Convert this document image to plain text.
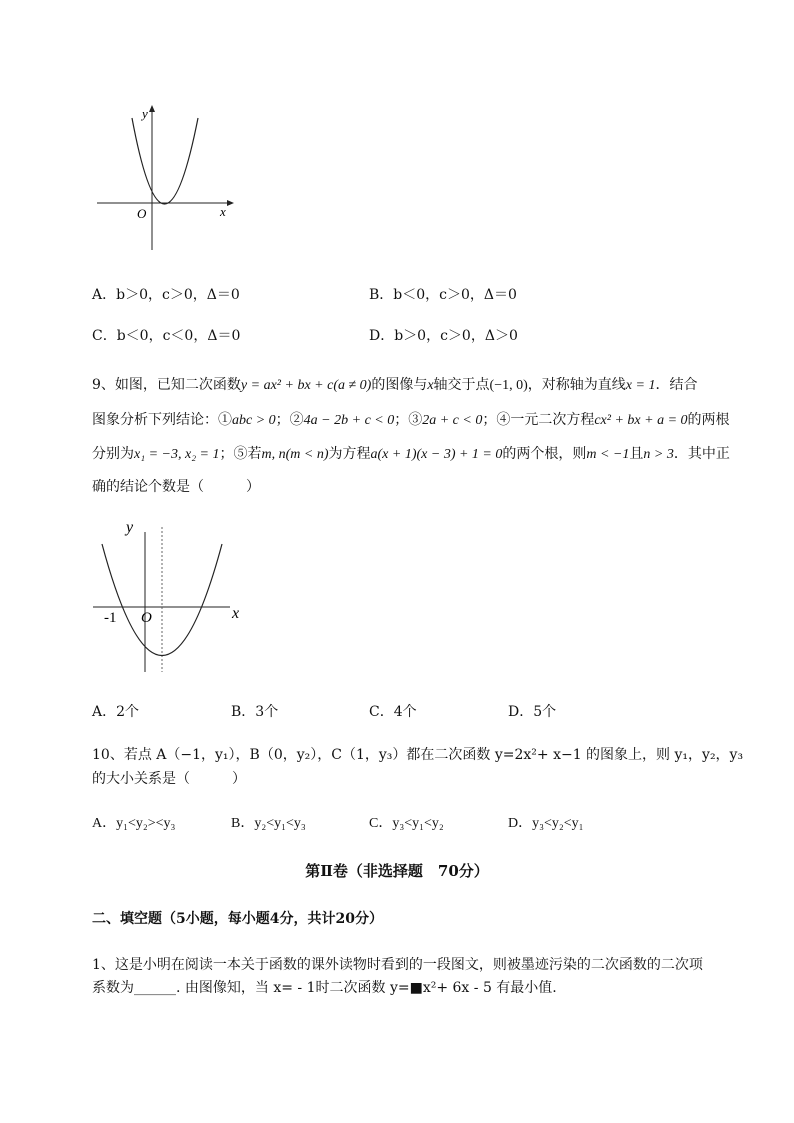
y
x
O
A．b＞0，c＞0，Δ＝0	B．b＜0，c＞0，Δ＝0
C．b＜0，c＜0，Δ＝0	D．b＞0，c＞0，Δ＞0
9、如图，已知二次函数y = ax² + bx + c(a ≠ 0)的图像与x轴交于点(−1, 0)，对称轴为直线x = 1．结合
图象分析下列结论：①abc > 0；②4a − 2b + c < 0；③2a + c < 0；④一元二次方程cx² + bx + a = 0的两根
分别为x₁ = −3, x₂ = 1；⑤若m, n(m < n)为方程a(x + 1)(x − 3) + 1 = 0的两个根，则m < −1且n > 3．其中正
确的结论个数是（　　　）
y
x
O
-1
A．2个	B．3个	C．4个	D．5个
10、若点 A（−1，y₁），B（0，y₂），C（1，y₃）都在二次函数 y=2x²+ x−1 的图象上，则 y₁，y₂，y₃
的大小关系是（　　　）
A．y₁<y₂><y₃	B．y₂<y₁<y₃	C．y₃<y₁<y₂	D．y₃<y₂<y₁
第Ⅱ卷（非选择题　70分）
二、填空题（5小题，每小题4分，共计20分）
1、这是小明在阅读一本关于函数的课外读物时看到的一段图文，则被墨迹污染的二次函数的二次项
系数为______. 由图像知，当 x= - 1时二次函数 y=■x²+ 6x - 5 有最小值.
